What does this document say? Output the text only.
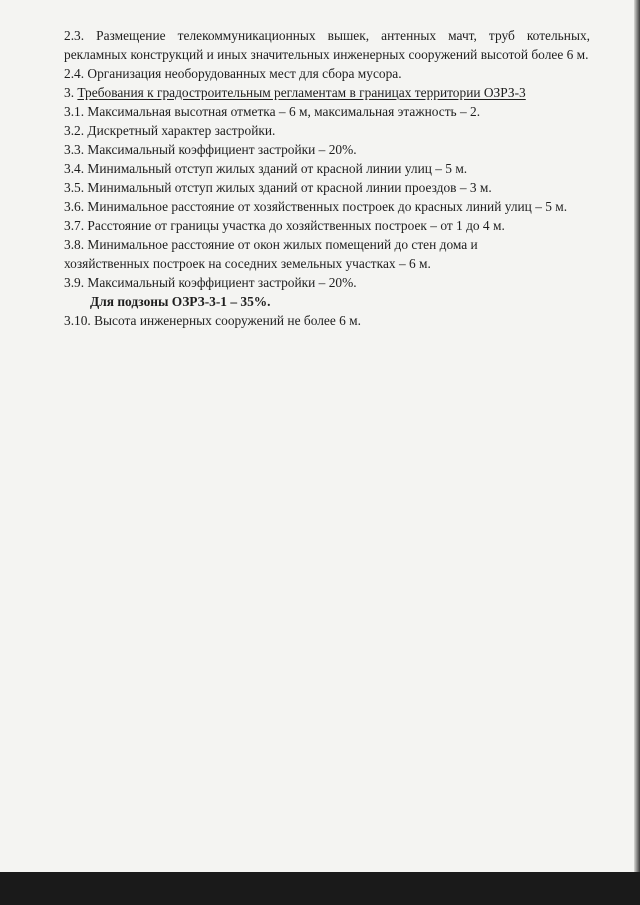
2.3. Размещение телекоммуникационных вышек, антенных мачт, труб котельных, рекламных конструкций и иных значительных инженерных сооружений высотой более 6 м.

2.4. Организация необорудованных мест для сбора мусора.

3. Требования к градостроительным регламентам в границах территории ОЗРЗ-3

3.1. Максимальная высотная отметка – 6 м, максимальная этажность – 2.

3.2. Дискретный характер застройки.

3.3. Максимальный коэффициент застройки – 20%.

3.4. Минимальный отступ жилых зданий от красной линии улиц – 5 м.

3.5. Минимальный отступ жилых зданий от красной линии проездов – 3 м.

3.6. Минимальное расстояние от хозяйственных построек до красных линий улиц – 5 м.

3.7. Расстояние от границы участка до хозяйственных построек – от 1 до 4 м.

3.8. Минимальное расстояние от окон жилых помещений до стен дома и

хозяйственных построек на соседних земельных участках – 6 м.

3.9. Максимальный коэффициент застройки – 20%.

Для подзоны ОЗРЗ-3-1 – 35%.

3.10. Высота инженерных сооружений не более 6 м.
